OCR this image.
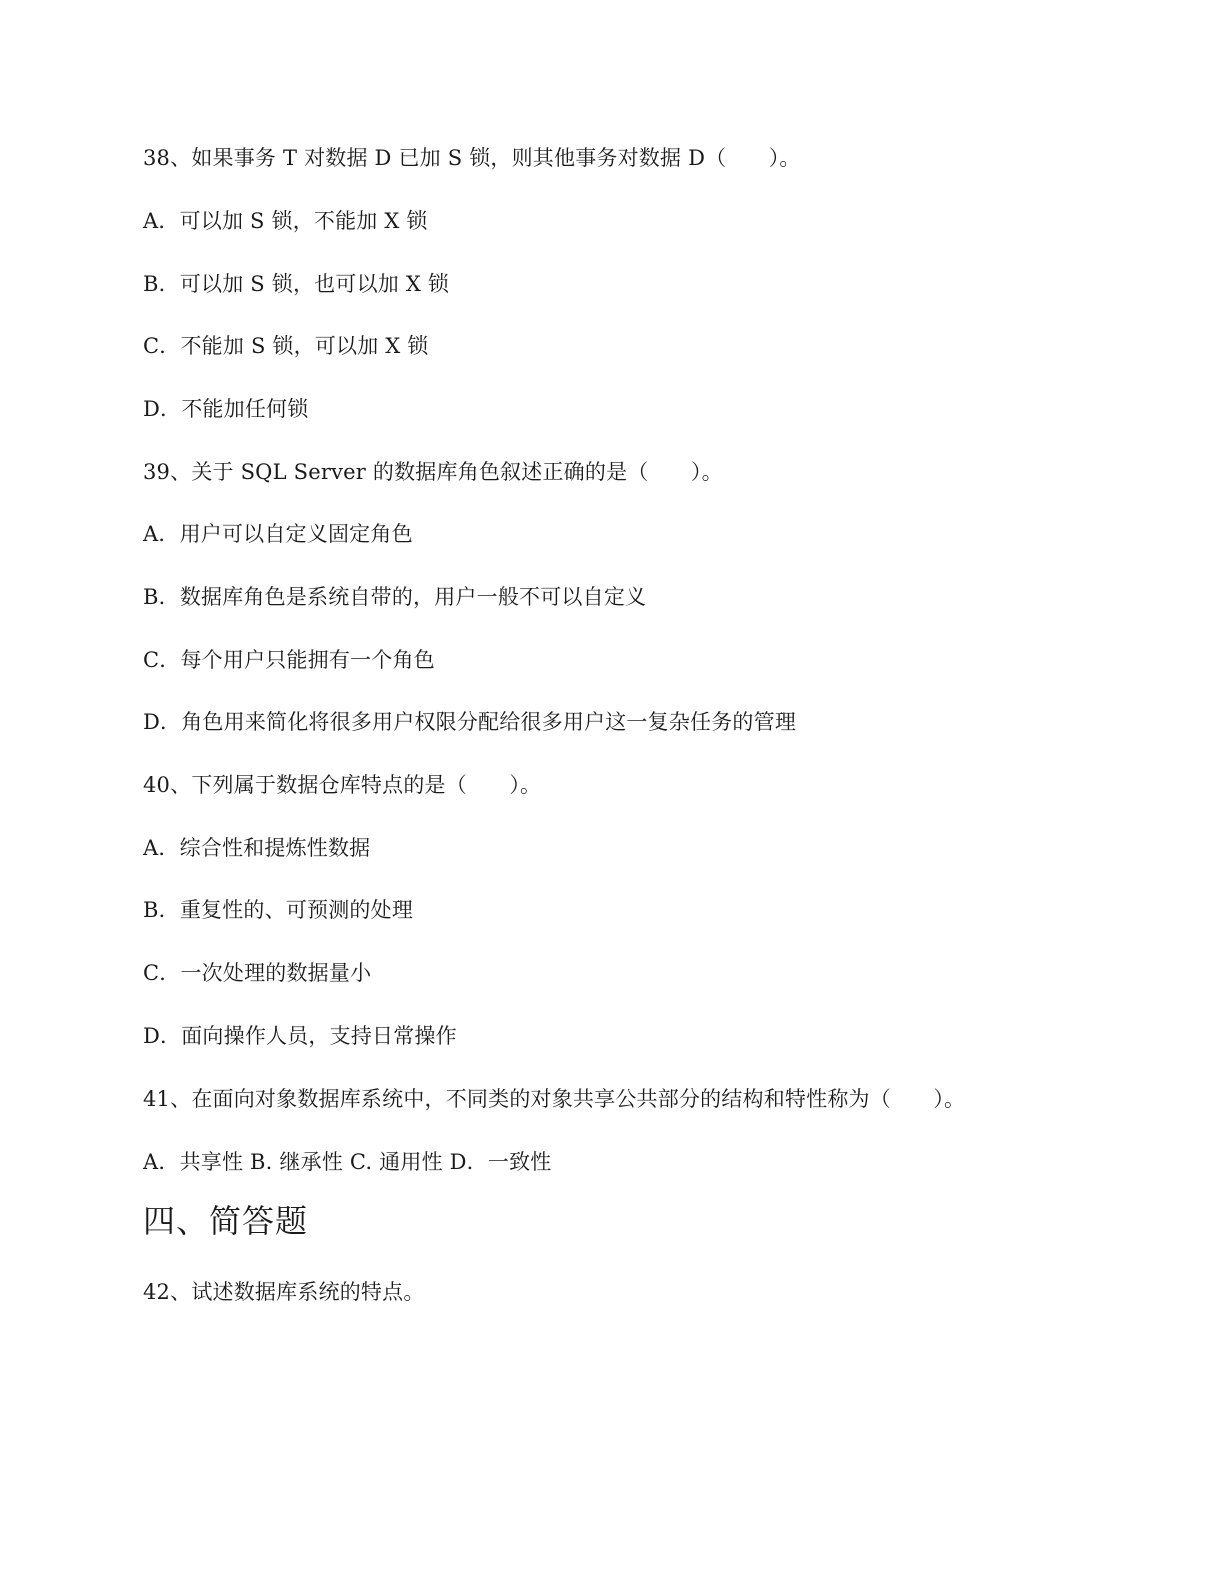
38、如果事务 T 对数据 D 已加 S 锁，则其他事务对数据 D（　　）。
A．可以加 S 锁，不能加 X 锁
B．可以加 S 锁，也可以加 X 锁
C．不能加 S 锁，可以加 X 锁
D．不能加任何锁
39、关于 SQL Server 的数据库角色叙述正确的是（　　）。
A．用户可以自定义固定角色
B．数据库角色是系统自带的，用户一般不可以自定义
C．每个用户只能拥有一个角色
D．角色用来简化将很多用户权限分配给很多用户这一复杂任务的管理
40、下列属于数据仓库特点的是（　　）。
A．综合性和提炼性数据
B．重复性的、可预测的处理
C．一次处理的数据量小
D．面向操作人员，支持日常操作
41、在面向对象数据库系统中，不同类的对象共享公共部分的结构和特性称为（　　）。
A．共享性 B. 继承性 C. 通用性 D．一致性
四、简答题
42、试述数据库系统的特点。
